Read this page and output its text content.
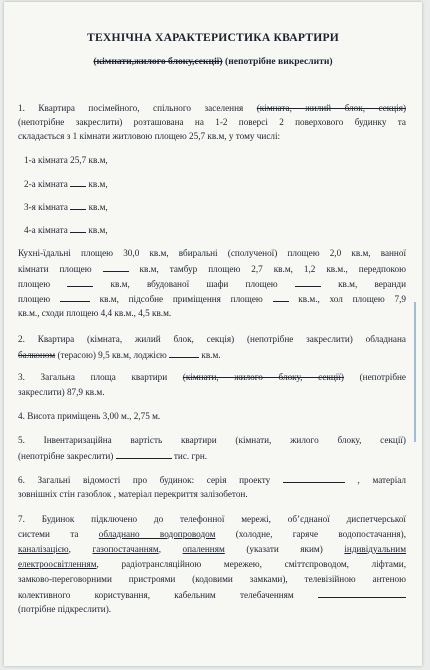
ТЕХНІЧНА ХАРАКТЕРИСТИКА КВАРТИРИ
(кімнати,жилого блоку,секції) (непотрібне викреслити)
1. Квартира посімейного, спільного заселення (кімната, жилий блок, секція)
(непотрібне закреслити) розташована на 1-2 поверсі 2 поверхового будинку та
складається з 1 кімнати житловою площею 25,7 кв.м, у тому числі:
1-а кімната 25,7 кв.м,
2-а кімната кв.м,
3-я кімната кв.м,
4-а кімната кв.м,
Кухні-їдальні площею 30,0 кв.м, вбиральні (сполученої) площею 2,0 кв.м, ванної
кімнати площею	кв.м, тамбур площею 2,7 кв.м, 1,2 кв.м., передпокою
площею	кв.м, вбудованої шафи площею	кв.м, веранди
площею	кв.м, підсобне приміщення площею	кв.м., хол площею 7,9
кв.м., сходи площею 4,4 кв.м., 4,5 кв.м.
2. Квартира (кімната, жилий блок, секція) (непотрібне закреслити) обладнана
балконом (терасою) 9,5 кв.м, лоджією	кв.м.
3. Загальна площа квартири (кімнати, жилого блоку, секції) (непотрібне
закреслити) 87,9 кв.м.
4. Висота приміщень 3,00 м., 2,75 м.
5. Інвентаризаційна вартість квартири (кімнати, жилого блоку, секції)
(непотрібне закреслити)	тис. грн.
6. Загальні відомості про будинок: серія проекту	, матеріал
зовнішніх стін газоблок , матеріал перекриття залізобетон.
7. Будинок підключено до телефонної мережі, об’єднаної диспетчерської
системи та обладнано водопроводом (холодне, гаряче водопостачання),
каналізацією, газопостачанням, опаленням (указати яким) індивідуальним
електроосвітленням, радіотрансляційною мережею, сміттєпроводом, ліфтами,
замково-переговорними пристроями (кодовими замками), телевізійною антеною
колективного користування, кабельним телебаченням
(потрібне підкреслити).
